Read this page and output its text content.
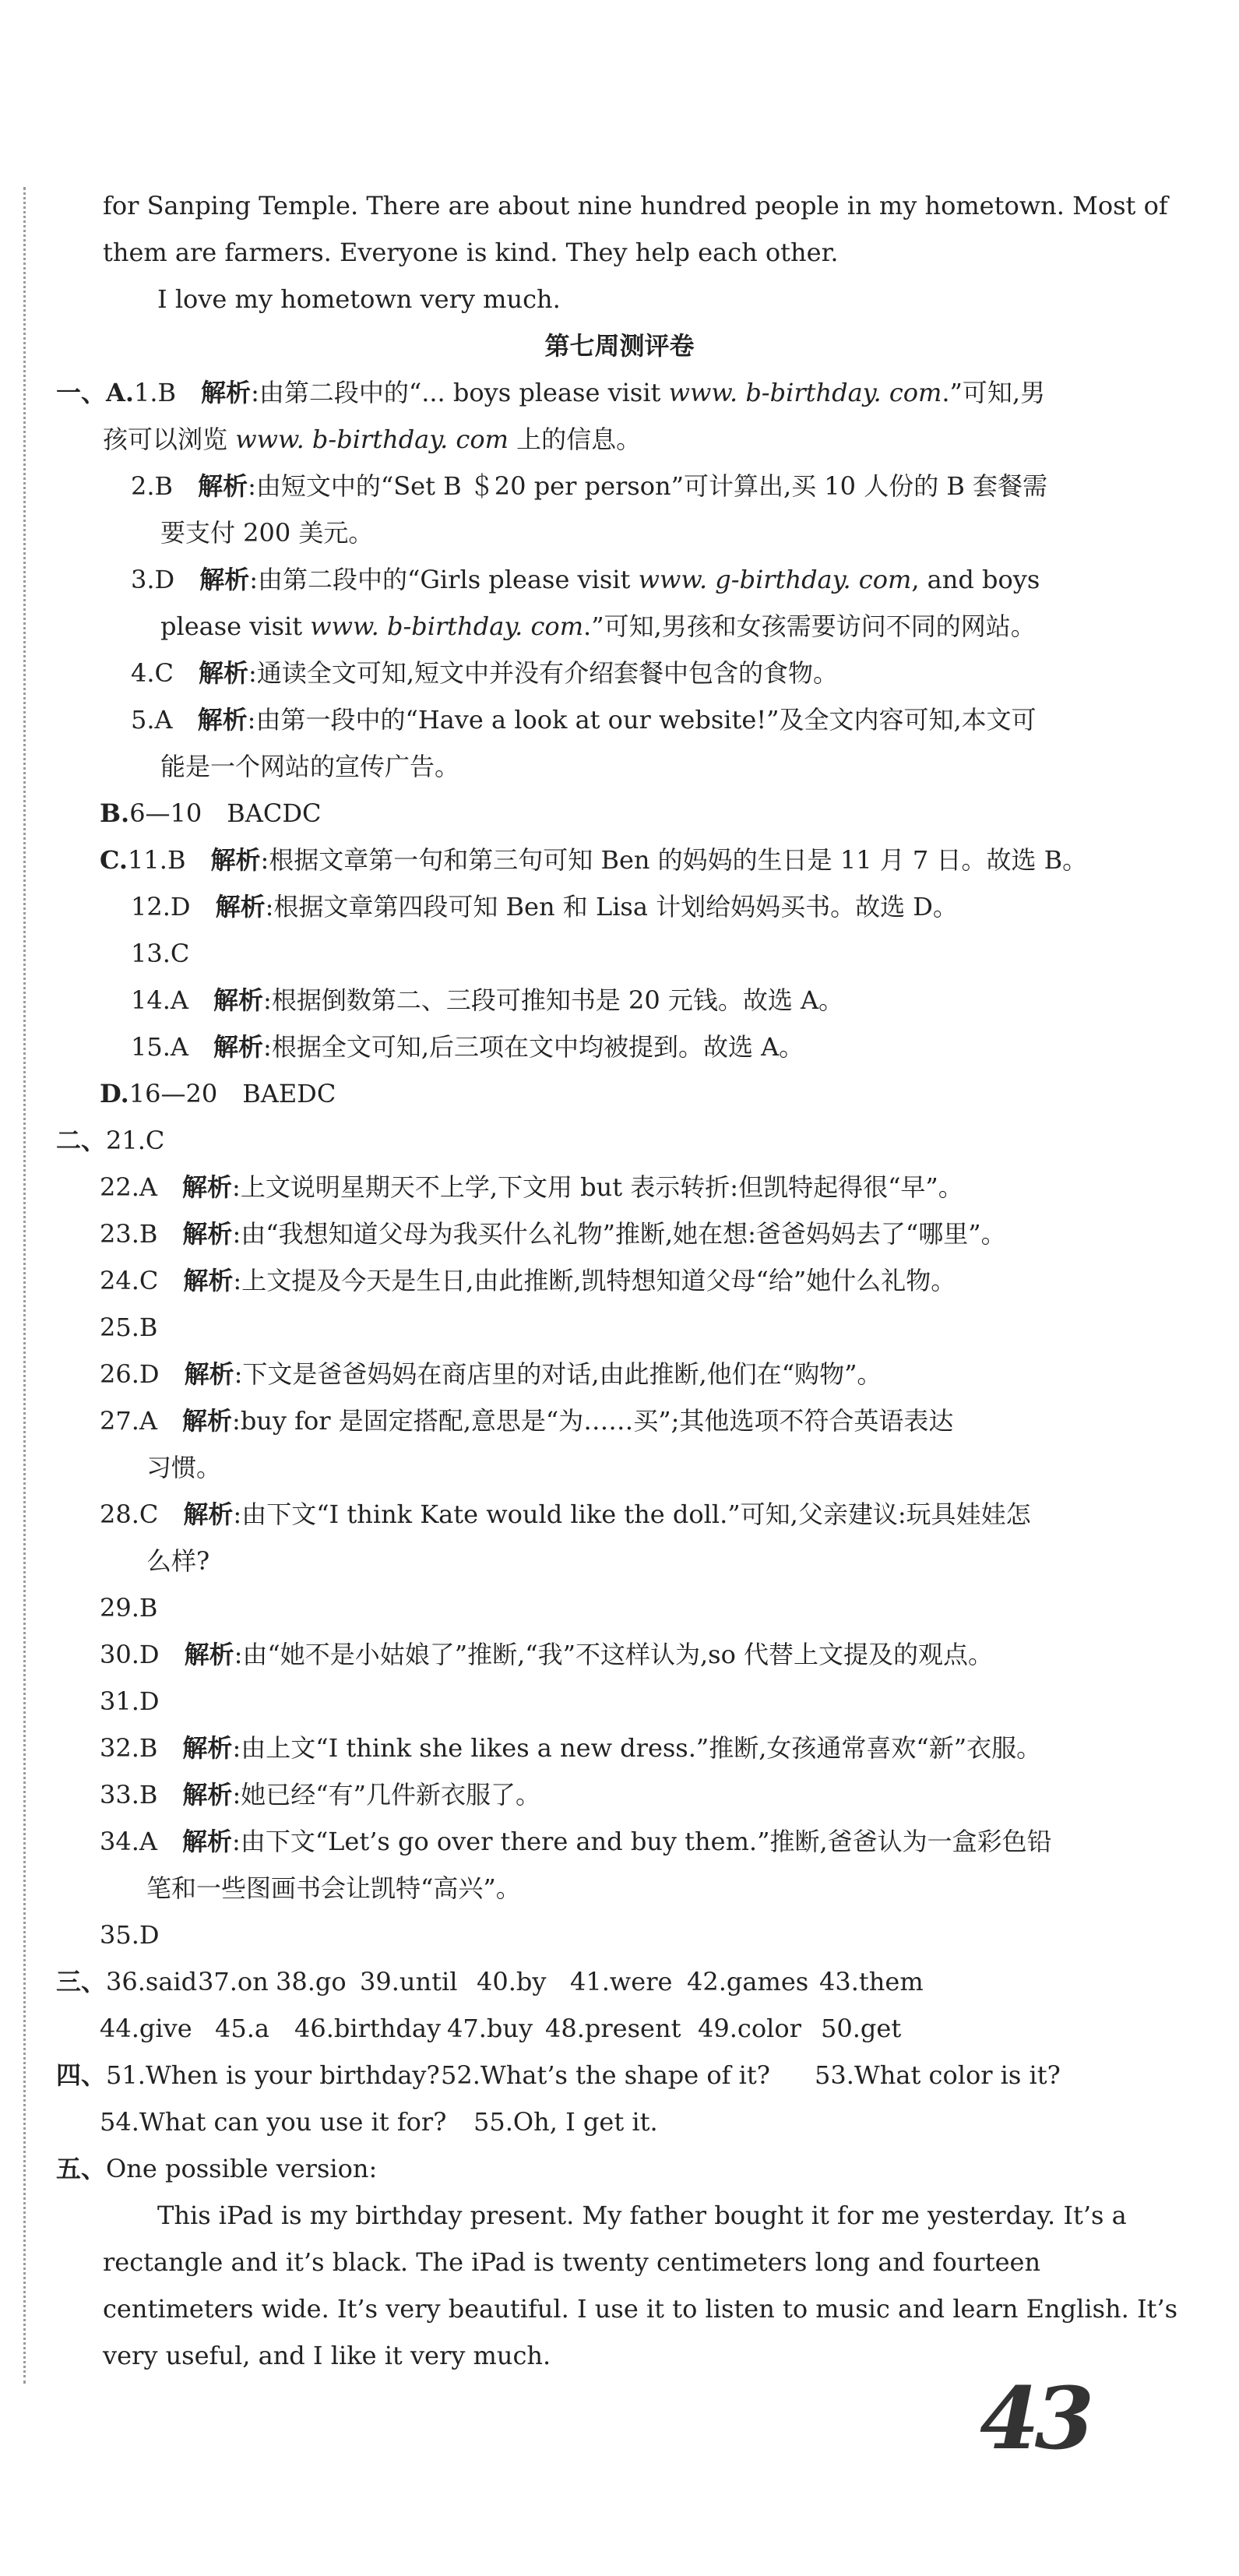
for Sanping Temple. There are about nine hundred people in my hometown. Most of
them are farmers. Everyone is kind. They help each other.
I love my hometown very much.
第七周测评卷
一、A.1.B　 解析:由第二段中的“... boys please visit www. b-birthday. com.”可知,男
孩可以浏览 www. b-birthday. com 上的信息。
2.B　 解析:由短文中的“Set B ＄20 per person”可计算出,买 10 人份的 B 套餐需
要支付 200 美元。
3.D　 解析:由第二段中的“Girls please visit www. g-birthday. com, and boys
please visit www. b-birthday. com.”可知,男孩和女孩需要访问不同的网站。
4.C　 解析:通读全文可知,短文中并没有介绍套餐中包含的食物。
5.A　 解析:由第一段中的“Have a look at our website!”及全文内容可知,本文可
能是一个网站的宣传广告。
B.6—10　BACDC
C.11.B　 解析:根据文章第一句和第三句可知 Ben 的妈妈的生日是 11 月 7 日。故选 B。
12.D　 解析:根据文章第四段可知 Ben 和 Lisa 计划给妈妈买书。故选 D。
13.C
14.A　 解析:根据倒数第二、三段可推知书是 20 元钱。故选 A。
15.A　 解析:根据全文可知,后三项在文中均被提到。故选 A。
D.16—20　BAEDC
二、21.C
22.A　 解析:上文说明星期天不上学,下文用 but 表示转折:但凯特起得很“早”。
23.B　 解析:由“我想知道父母为我买什么礼物”推断,她在想:爸爸妈妈去了“哪里”。
24.C　 解析:上文提及今天是生日,由此推断,凯特想知道父母“给”她什么礼物。
25.B
26.D　 解析:下文是爸爸妈妈在商店里的对话,由此推断,他们在“购物”。
27.A　 解析:buy for 是固定搭配,意思是“为……买”;其他选项不符合英语表达
习惯。
28.C　 解析:由下文“I think Kate would like the doll.”可知,父亲建议:玩具娃娃怎
么样?
29.B
30.D　 解析:由“她不是小姑娘了”推断,“我”不这样认为,so 代替上文提及的观点。
31.D
32.B　 解析:由上文“I think she likes a new dress.”推断,女孩通常喜欢“新”衣服。
33.B　 解析:她已经“有”几件新衣服了。
34.A　 解析:由下文“Let’s go over there and buy them.”推断,爸爸认为一盒彩色铅
笔和一些图画书会让凯特“高兴”。
35.D
三、36.said37.on 38.go 39.until 40.by 41.were 42.games 43.them
44.give 45.a 46.birthday 47.buy 48.present 49.color 50.get
四、51.When is your birthday?52.What’s the shape of it? 53.What color is it?
54.What can you use it for? 55.Oh, I get it.
五、One possible version:
This iPad is my birthday present. My father bought it for me yesterday. It’s a
rectangle and it’s black. The iPad is twenty centimeters long and fourteen
centimeters wide. It’s very beautiful. I use it to listen to music and learn English. It’s
very useful, and I like it very much.
43
